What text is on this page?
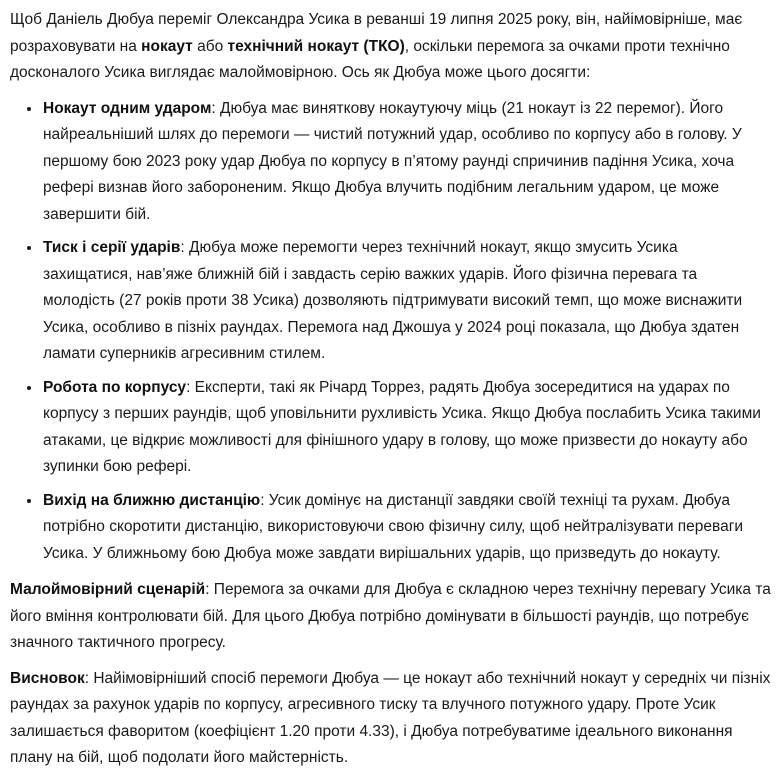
Щоб Даніель Дюбуа переміг Олександра Усика в реванші 19 липня 2025 року, він, найімовірніше, має розраховувати на нокаут або технічний нокаут (ТКО), оскільки перемога за очками проти технічно досконалого Усика виглядає малоймовірною. Ось як Дюбуа може цього досягти:

• Нокаут одним ударом: Дюбуа має виняткову нокаутуючу міць (21 нокаут із 22 перемог). Його найреальніший шлях до перемоги — чистий потужний удар, особливо по корпусу або в голову. У першому бою 2023 року удар Дюбуа по корпусу в п’ятому раунді спричинив падіння Усика, хоча рефері визнав його забороненим. Якщо Дюбуа влучить подібним легальним ударом, це може завершити бій.
• Тиск і серії ударів: Дюбуа може перемогти через технічний нокаут, якщо змусить Усика захищатися, нав’яже ближній бій і завдасть серію важких ударів. Його фізична перевага та молодість (27 років проти 38 Усика) дозволяють підтримувати високий темп, що може виснажити Усика, особливо в пізніх раундах. Перемога над Джошуа у 2024 році показала, що Дюбуа здатен ламати суперників агресивним стилем.
• Робота по корпусу: Експерти, такі як Річард Торрез, радять Дюбуа зосередитися на ударах по корпусу з перших раундів, щоб уповільнити рухливість Усика. Якщо Дюбуа послабить Усика такими атаками, це відкриє можливості для фінішного удару в голову, що може призвести до нокауту або зупинки бою рефері.
• Вихід на ближню дистанцію: Усик домінує на дистанції завдяки своїй техніці та рухам. Дюбуа потрібно скоротити дистанцію, використовуючи свою фізичну силу, щоб нейтралізувати переваги Усика. У ближньому бою Дюбуа може завдати вирішальних ударів, що призведуть до нокауту.

Малоймовірний сценарій: Перемога за очками для Дюбуа є складною через технічну перевагу Усика та його вміння контролювати бій. Для цього Дюбуа потрібно домінувати в більшості раундів, що потребує значного тактичного прогресу.

Висновок: Найімовірніший спосіб перемоги Дюбуа — це нокаут або технічний нокаут у середніх чи пізніх раундах за рахунок ударів по корпусу, агресивного тиску та влучного потужного удару. Проте Усик залишається фаворитом (коефіцієнт 1.20 проти 4.33), і Дюбуа потребуватиме ідеального виконання плану на бій, щоб подолати його майстерність.
